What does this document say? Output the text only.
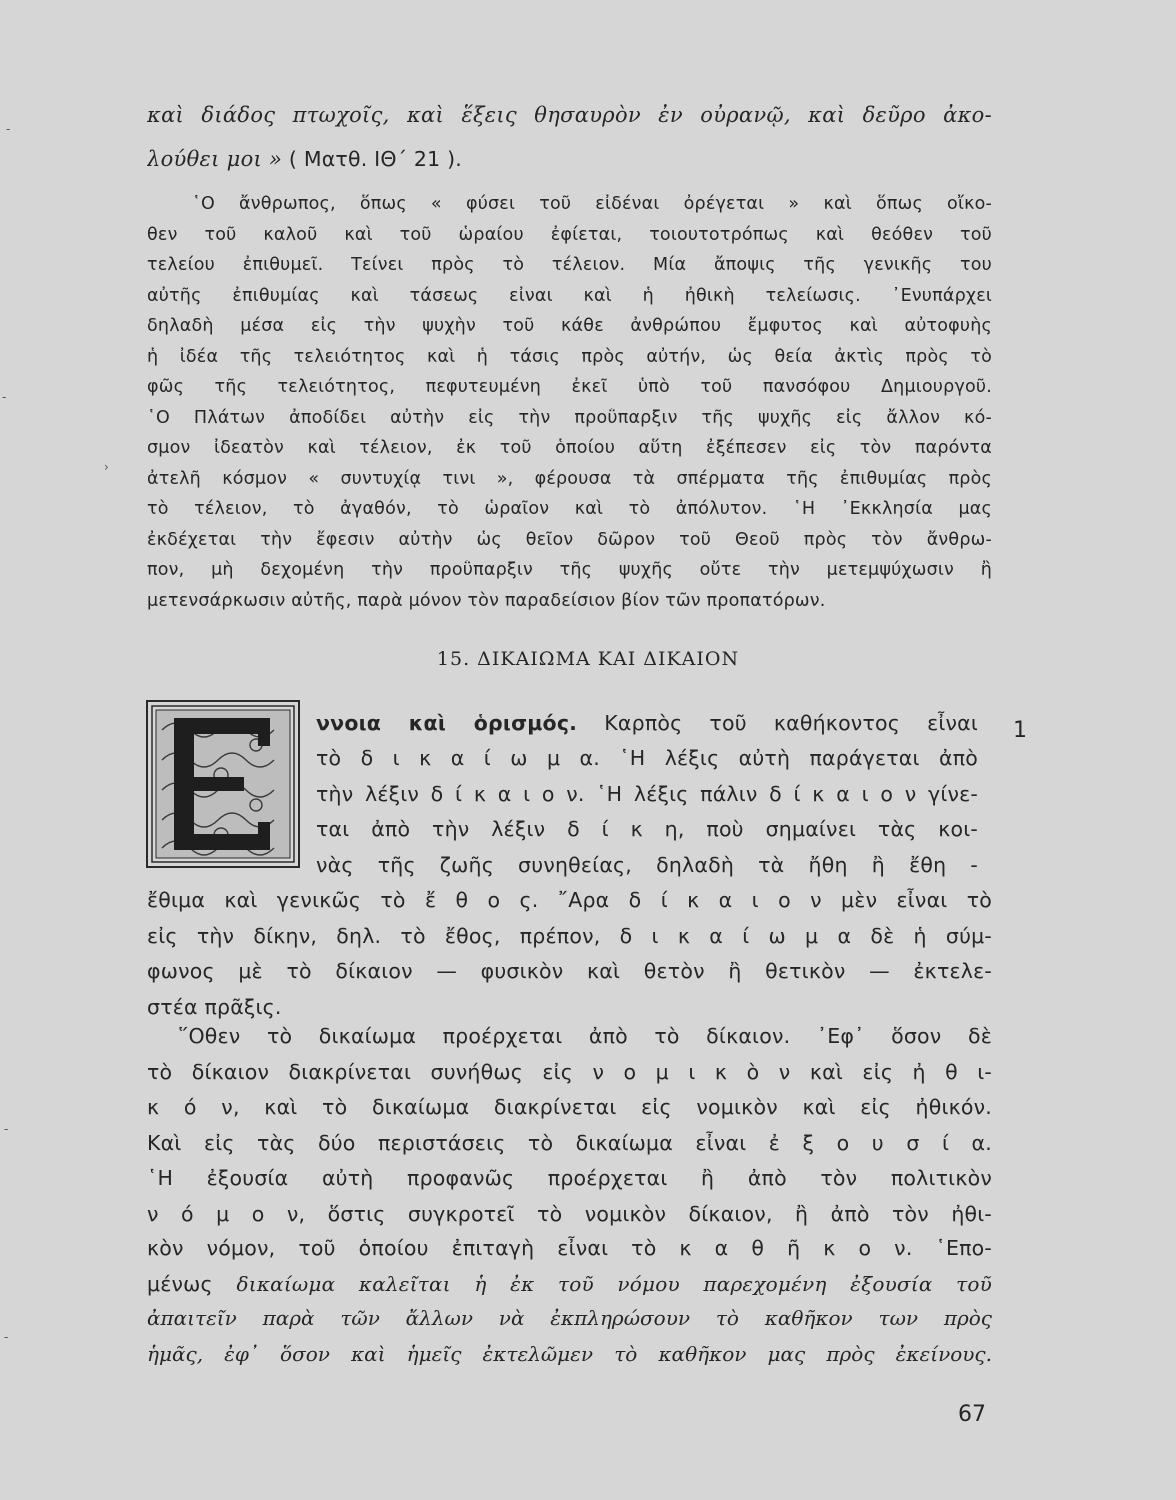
καὶ διάδος πτωχοῖς, καὶ ἕξεις θησαυρὸν ἐν οὐρανῷ, καὶ δεῦρο ἀκο-
λούθει μοι » ( Ματθ. ΙΘ΄ 21 ).
῾Ο ἄνθρωπος, ὅπως « φύσει τοῦ εἰδέναι ὀρέγεται » καὶ ὅπως οἴκο-
θεν τοῦ καλοῦ καὶ τοῦ ὡραίου ἐφίεται, τοιουτοτρόπως καὶ θεόθεν τοῦ
τελείου ἐπιθυμεῖ. Τείνει πρὸς τὸ τέλειον. Μία ἄποψις τῆς γενικῆς του
αὐτῆς ἐπιθυμίας καὶ τάσεως εἶναι καὶ ἡ ἠθικὴ τελείωσις. ᾿Ενυπάρχει
δηλαδὴ μέσα εἰς τὴν ψυχὴν τοῦ κάθε ἀνθρώπου ἔμφυτος καὶ αὐτοφυὴς
ἡ ἰδέα τῆς τελειότητος καὶ ἡ τάσις πρὸς αὐτήν, ὡς θεία ἀκτὶς πρὸς τὸ
φῶς τῆς τελειότητος, πεφυτευμένη ἐκεῖ ὑπὸ τοῦ πανσόφου Δημιουργοῦ.
῾Ο Πλάτων ἀποδίδει αὐτὴν εἰς τὴν προΰπαρξιν τῆς ψυχῆς εἰς ἄλλον κό-
σμον ἰδεατὸν καὶ τέλειον, ἐκ τοῦ ὁποίου αὕτη ἐξέπεσεν εἰς τὸν παρόντα
ἀτελῆ κόσμον « συντυχίᾳ τινι », φέρουσα τὰ σπέρματα τῆς ἐπιθυμίας πρὸς
τὸ τέλειον, τὸ ἀγαθόν, τὸ ὡραῖον καὶ τὸ ἀπόλυτον. ῾Η ᾿Εκκλησία μας
ἐκδέχεται τὴν ἔφεσιν αὐτὴν ὡς θεῖον δῶρον τοῦ Θεοῦ πρὸς τὸν ἄνθρω-
πον, μὴ δεχομένη τὴν προΰπαρξιν τῆς ψυχῆς οὔτε τὴν μετεμψύχωσιν ἢ
μετενσάρκωσιν αὐτῆς, παρὰ μόνον τὸν παραδείσιον βίον τῶν προπατόρων.
15. ΔΙΚΑΙΩΜΑ ΚΑΙ ΔΙΚΑΙΟΝ
1
E
ννοια καὶ ὁρισμός. Καρπὸς τοῦ καθήκοντος εἶναι
τὸ δ ι κ α ί ω μ α. ῾Η λέξις αὐτὴ παράγεται ἀπὸ
τὴν λέξιν δ ί κ α ι ο ν. ῾Η λέξις πάλιν δ ί κ α ι ο ν γίνε-
ται ἀπὸ τὴν λέξιν δ ί κ η, ποὺ σημαίνει τὰς κοι-
νὰς τῆς ζωῆς συνηθείας, δηλαδὴ τὰ ἤθη ἢ ἔθη -
ἔθιμα καὶ γενικῶς τὸ ἔ θ ο ς. ῎Αρα δ ί κ α ι ο ν μὲν εἶναι τὸ
εἰς τὴν δίκην, δηλ. τὸ ἔθος, πρέπον, δ ι κ α ί ω μ α δὲ ἡ σύμ-
φωνος μὲ τὸ δίκαιον — φυσικὸν καὶ θετὸν ἢ θετικὸν — ἐκτελε-
στέα πρᾶξις.
῞Οθεν τὸ δικαίωμα προέρχεται ἀπὸ τὸ δίκαιον. ᾿Εφ᾿ ὅσον δὲ
τὸ δίκαιον διακρίνεται συνήθως εἰς ν ο μ ι κ ὸ ν καὶ εἰς ἠ θ ι-
κ ό ν, καὶ τὸ δικαίωμα διακρίνεται εἰς νομικὸν καὶ εἰς ἠθικόν.
Καὶ εἰς τὰς δύο περιστάσεις τὸ δικαίωμα εἶναι ἐ ξ ο υ σ ί α.
῾Η ἐξουσία αὐτὴ προφανῶς προέρχεται ἢ ἀπὸ τὸν πολιτικὸν
ν ό μ ο ν, ὅστις συγκροτεῖ τὸ νομικὸν δίκαιον, ἢ ἀπὸ τὸν ἠθι-
κὸν νόμον, τοῦ ὁποίου ἐπιταγὴ εἶναι τὸ κ α θ ῆ κ ο ν. ῾Επο-
μένως δικαίωμα καλεῖται ἡ ἐκ τοῦ νόμου παρεχομένη ἐξουσία τοῦ
ἀπαιτεῖν παρὰ τῶν ἄλλων νὰ ἐκπληρώσουν τὸ καθῆκον των πρὸς
ἡμᾶς, ἐφ᾿ ὅσον καὶ ἡμεῖς ἐκτελῶμεν τὸ καθῆκον μας πρὸς ἐκείνους.
67
-
-
›
-
-
